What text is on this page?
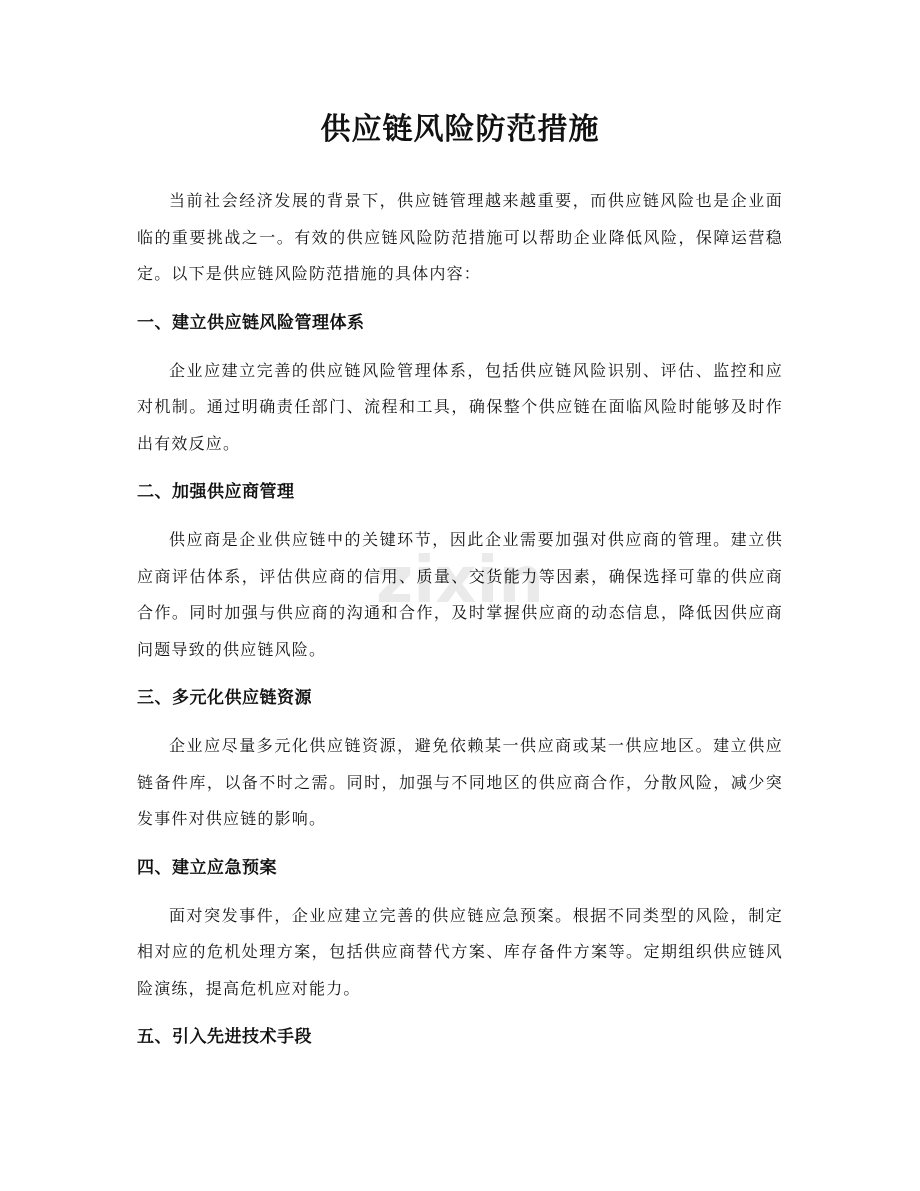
供应链风险防范措施

当前社会经济发展的背景下，供应链管理越来越重要，而供应链风险也是企业面临的重要挑战之一。有效的供应链风险防范措施可以帮助企业降低风险，保障运营稳定。以下是供应链风险防范措施的具体内容：

一、建立供应链风险管理体系

企业应建立完善的供应链风险管理体系，包括供应链风险识别、评估、监控和应对机制。通过明确责任部门、流程和工具，确保整个供应链在面临风险时能够及时作出有效反应。

二、加强供应商管理

供应商是企业供应链中的关键环节，因此企业需要加强对供应商的管理。建立供应商评估体系，评估供应商的信用、质量、交货能力等因素，确保选择可靠的供应商合作。同时加强与供应商的沟通和合作，及时掌握供应商的动态信息，降低因供应商问题导致的供应链风险。

三、多元化供应链资源

企业应尽量多元化供应链资源，避免依赖某一供应商或某一供应地区。建立供应链备件库，以备不时之需。同时，加强与不同地区的供应商合作，分散风险，减少突发事件对供应链的影响。

四、建立应急预案

面对突发事件，企业应建立完善的供应链应急预案。根据不同类型的风险，制定相对应的危机处理方案，包括供应商替代方案、库存备件方案等。定期组织供应链风险演练，提高危机应对能力。

五、引入先进技术手段
zixin
